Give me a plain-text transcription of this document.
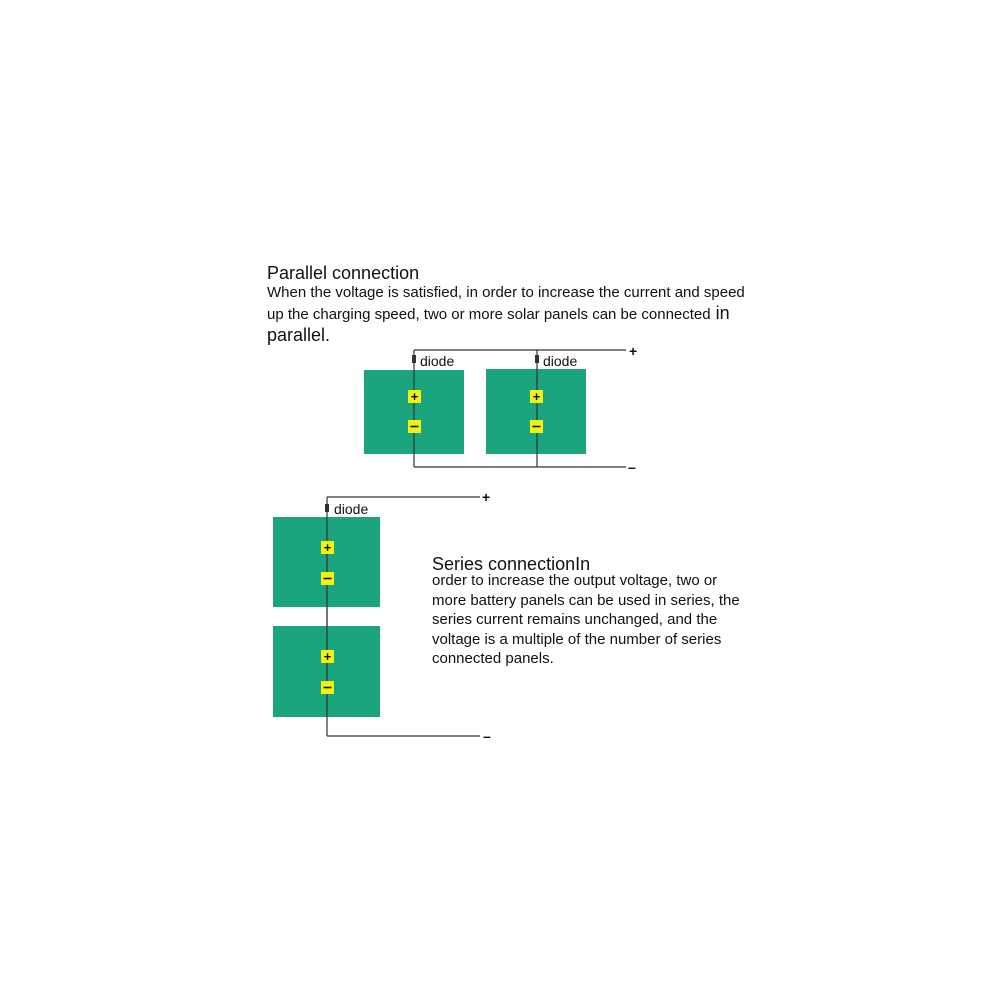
Parallel connection

When the voltage is satisfied, in order to increase the current and speed up the charging speed, two or more solar panels can be connected in parallel.

Series connectionIn

order to increase the output voltage, two or more battery panels can be used in series, the series current remains unchanged, and the voltage is a multiple of the number of series connected panels.

diode	diode
+	+
+
–
diode
+
+
+
–
